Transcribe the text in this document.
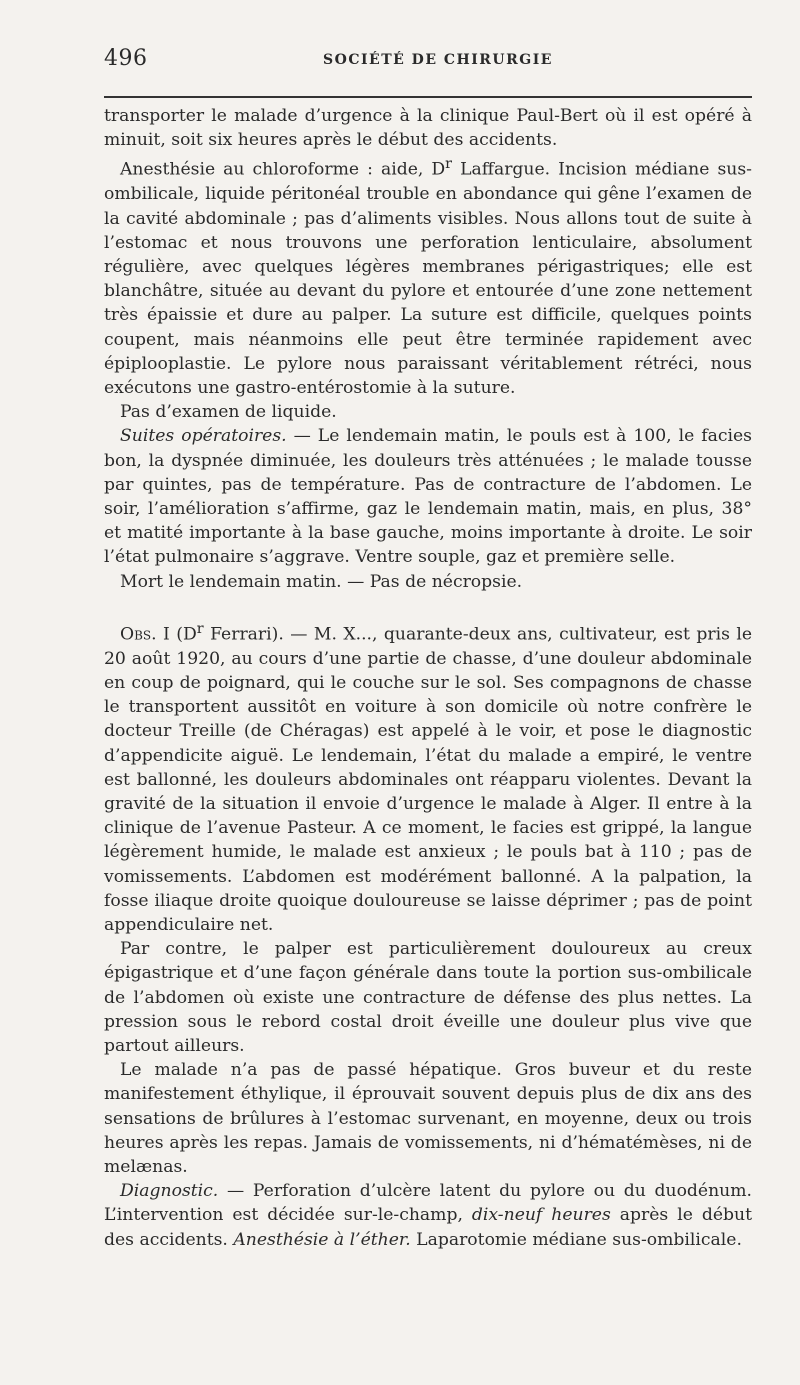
496	SOCIÉTÉ DE CHIRURGIE

transporter le malade d’urgence à la clinique Paul-Bert où il est opéré à minuit, soit six heures après le début des accidents.

Anesthésie au chloroforme : aide, $D^r$ Laffargue. Incision médiane sus-ombilicale, liquide péritonéal trouble en abondance qui gêne l’examen de la cavité abdominale ; pas d’aliments visibles. Nous allons tout de suite à l’estomac et nous trouvons une perforation lenticulaire, absolument régulière, avec quelques légères membranes périgastriques; elle est blanchâtre, située au devant du pylore et entourée d’une zone nettement très épaissie et dure au palper. La suture est difficile, quelques points coupent, mais néanmoins elle peut être terminée rapidement avec épiplooplastie. Le pylore nous paraissant véritablement rétréci, nous exécutons une gastro-entérostomie à la suture.

Pas d’examen de liquide.

Suites opératoires. — Le lendemain matin, le pouls est à 100, le facies bon, la dyspnée diminuée, les douleurs très atténuées ; le malade tousse par quintes, pas de température. Pas de contracture de l’abdomen. Le soir, l’amélioration s’affirme, gaz le lendemain matin, mais, en plus, 38° et matité importante à la base gauche, moins importante à droite. Le soir l’état pulmonaire s’aggrave. Ventre souple, gaz et première selle.

Mort le lendemain matin. — Pas de nécropsie.

Obs. I ($D^r$ Ferrari). — M. X..., quarante-deux ans, cultivateur, est pris le 20 août 1920, au cours d’une partie de chasse, d’une douleur abdominale en coup de poignard, qui le couche sur le sol. Ses compagnons de chasse le transportent aussitôt en voiture à son domicile où notre confrère le docteur Treille (de Chéragas) est appelé à le voir, et pose le diagnostic d’appendicite aiguë. Le lendemain, l’état du malade a empiré, le ventre est ballonné, les douleurs abdominales ont réapparu violentes. Devant la gravité de la situation il envoie d’urgence le malade à Alger. Il entre à la clinique de l’avenue Pasteur. A ce moment, le facies est grippé, la langue légèrement humide, le malade est anxieux ; le pouls bat à 110 ; pas de vomissements. L’abdomen est modérément ballonné. A la palpation, la fosse iliaque droite quoique douloureuse se laisse déprimer ; pas de point appendiculaire net.

Par contre, le palper est particulièrement douloureux au creux épigastrique et d’une façon générale dans toute la portion sus-ombilicale de l’abdomen où existe une contracture de défense des plus nettes. La pression sous le rebord costal droit éveille une douleur plus vive que partout ailleurs.

Le malade n’a pas de passé hépatique. Gros buveur et du reste manifestement éthylique, il éprouvait souvent depuis plus de dix ans des sensations de brûlures à l’estomac survenant, en moyenne, deux ou trois heures après les repas. Jamais de vomissements, ni d’hématémèses, ni de melænas.

Diagnostic. — Perforation d’ulcère latent du pylore ou du duodénum. L’intervention est décidée sur-le-champ, dix-neuf heures après le début des accidents. Anesthésie à l’éther. Laparotomie médiane sus-ombilicale.
